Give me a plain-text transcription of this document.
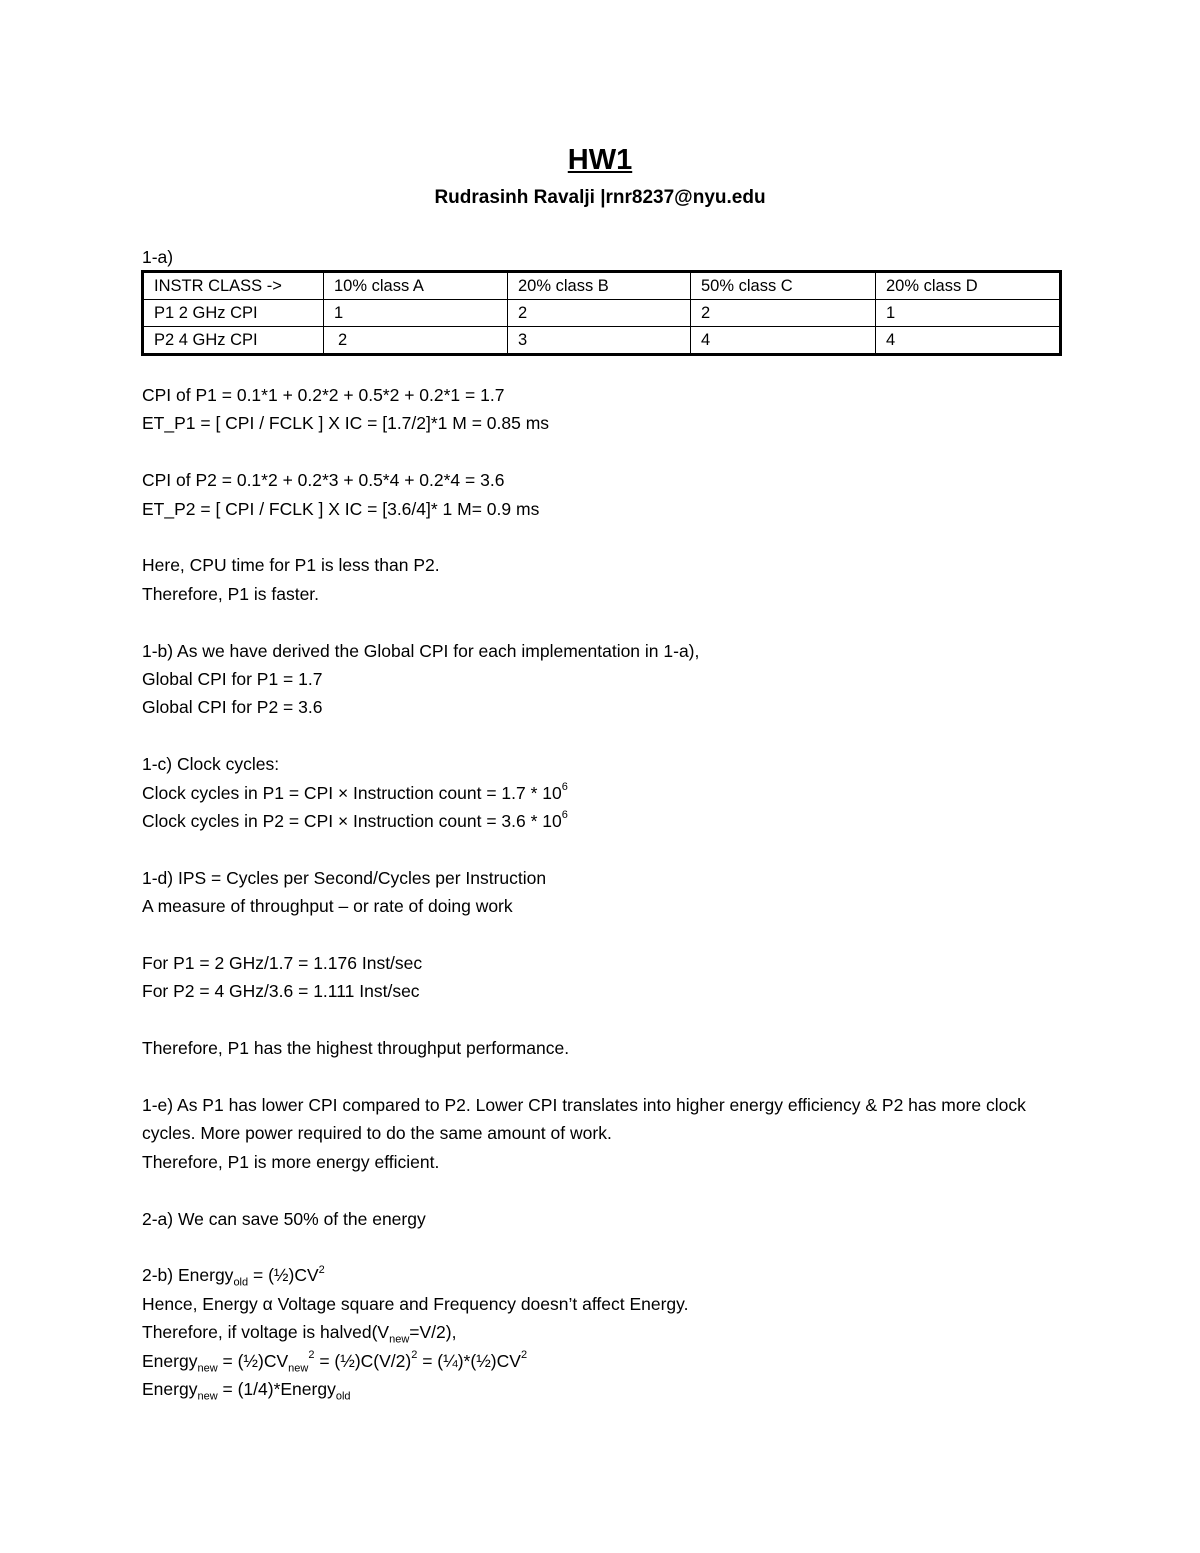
HW1
Rudrasinh Ravalji |rnr8237@nyu.edu
1-a)
INSTR CLASS ->	10% class A	20% class B	50% class C	20% class D
P1 2 GHz CPI	1	2	2	1
P2 4 GHz CPI	2	3	4	4
CPI of P1 = 0.1*1 + 0.2*2 + 0.5*2 + 0.2*1 = 1.7
ET_P1 = [ CPI / FCLK ] X IC = [1.7/2]*1 M = 0.85 ms
CPI of P2 = 0.1*2 + 0.2*3 + 0.5*4 + 0.2*4 = 3.6
ET_P2 = [ CPI / FCLK ] X IC = [3.6/4]* 1 M= 0.9 ms
Here, CPU time for P1 is less than P2.
Therefore, P1 is faster.
1-b) As we have derived the Global CPI for each implementation in 1-a),
Global CPI for P1 = 1.7
Global CPI for P2 = 3.6
1-c) Clock cycles:
Clock cycles in P1 = CPI × Instruction count = $1.7 * 10^6$
Clock cycles in P2 = CPI × Instruction count = $3.6 * 10^6$
1-d) IPS = Cycles per Second/Cycles per Instruction
A measure of throughput – or rate of doing work
For P1 = 2 GHz/1.7 = 1.176 Inst/sec
For P2 = 4 GHz/3.6 = 1.111 Inst/sec
Therefore, P1 has the highest throughput performance.
1-e) As P1 has lower CPI compared to P2. Lower CPI translates into higher energy efficiency & P2 has more clock cycles. More power required to do the same amount of work.
Therefore, P1 is more energy efficient.
2-a) We can save 50% of the energy
2-b) Energy$_{old}$ = $(\frac{1}{2})CV^2$
Hence, Energy α Voltage square and Frequency doesn’t affect Energy.
Therefore, if voltage is $halved(V_{new}=V/2)$,
Energy$_{new}$ = $(\frac{1}{2})CV_{new}^2$ = $(\frac{1}{2})C(V/2)^2$ = $(\frac{1}{4})*(\frac{1}{2})CV^2$
Energy$_{new}$ = (1/4)*Energy$_{old}$
